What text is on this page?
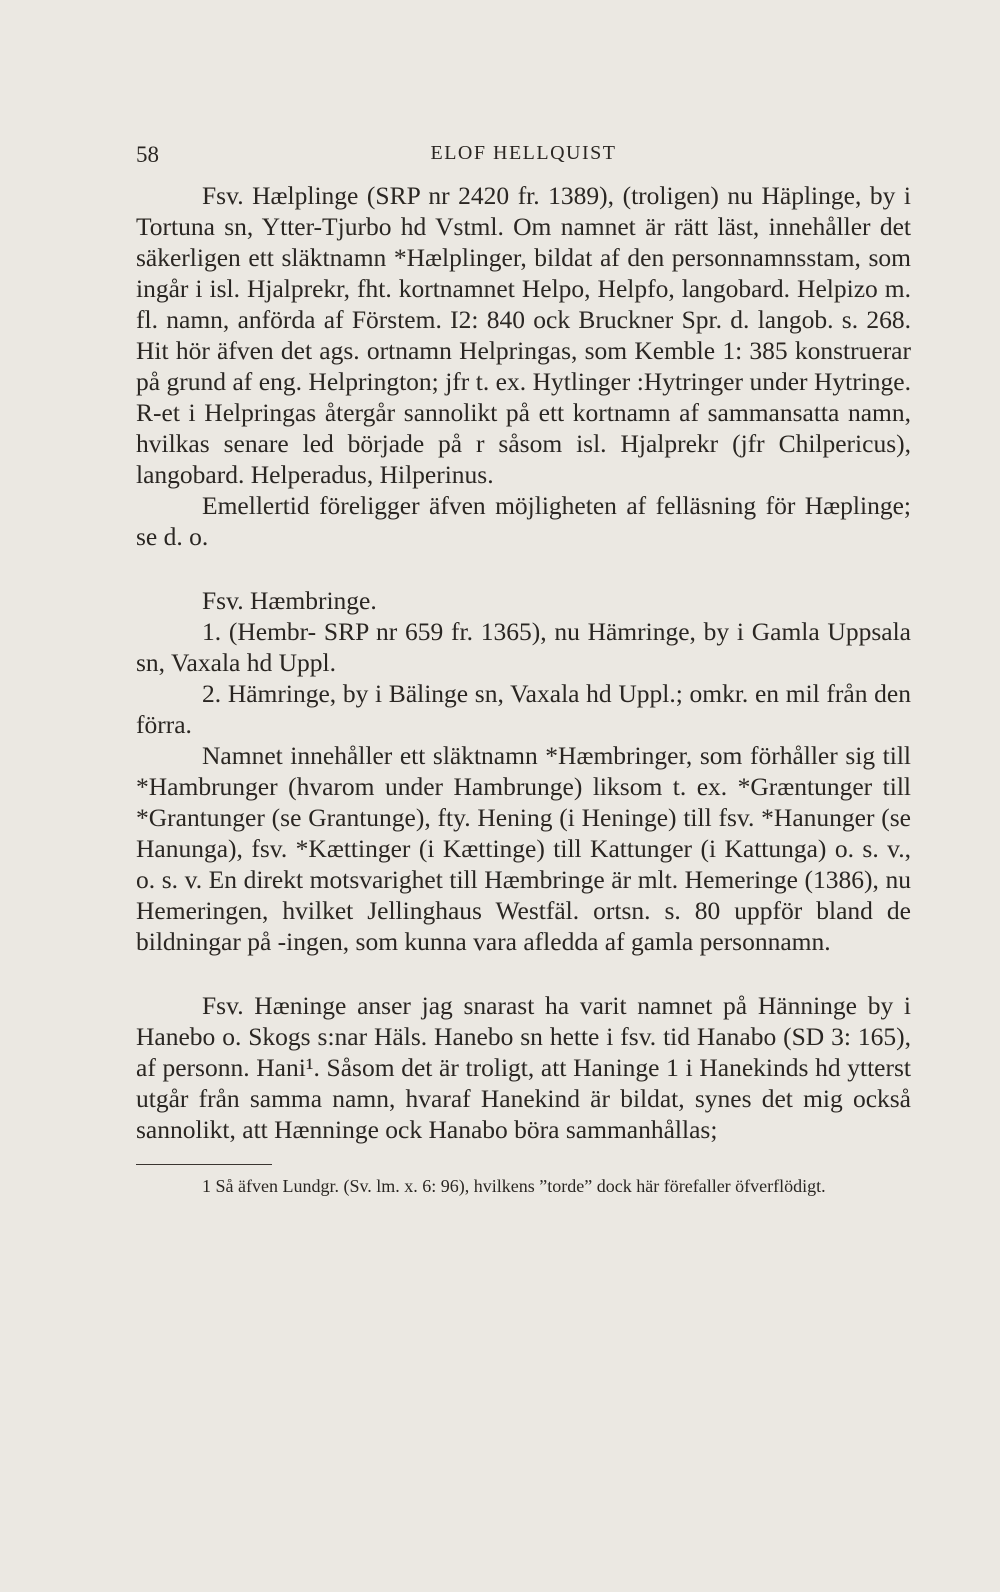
58	ELOF HELLQUIST

Fsv. Hælplinge (SRP nr 2420 fr. 1389), (troligen) nu Häplinge, by i Tortuna sn, Ytter-Tjurbo hd Vstml. Om namnet är rätt läst, innehåller det säkerligen ett släktnamn *Hælplinger, bildat af den personnamnsstam, som ingår i isl. Hjalprekr, fht. kortnamnet Helpo, Helpfo, langobard. Helpizo m. fl. namn, anförda af Förstem. I2: 840 ock Bruckner Spr. d. langob. s. 268. Hit hör äfven det ags. ortnamn Helpringas, som Kemble 1: 385 konstruerar på grund af eng. Helprington; jfr t. ex. Hytlinger :Hytringer under Hytringe. R-et i Helpringas återgår sannolikt på ett kortnamn af sammansatta namn, hvilkas senare led började på r såsom isl. Hjalprekr (jfr Chilpericus), langobard. Helperadus, Hilperinus.

Emellertid föreligger äfven möjligheten af felläsning för Hæplinge; se d. o.

Fsv. Hæmbringe.

1. (Hembr- SRP nr 659 fr. 1365), nu Hämringe, by i Gamla Uppsala sn, Vaxala hd Uppl.

2. Hämringe, by i Bälinge sn, Vaxala hd Uppl.; omkr. en mil från den förra.

Namnet innehåller ett släktnamn *Hæmbringer, som förhåller sig till *Hambrunger (hvarom under Hambrunge) liksom t. ex. *Græntunger till *Grantunger (se Grantunge), fty. Hening (i Heninge) till fsv. *Hanunger (se Hanunga), fsv. *Kættinger (i Kættinge) till Kattunger (i Kattunga) o. s. v., o. s. v. En direkt motsvarighet till Hæmbringe är mlt. Hemeringe (1386), nu Hemeringen, hvilket Jellinghaus Westfäl. ortsn. s. 80 uppför bland de bildningar på -ingen, som kunna vara afledda af gamla personnamn.

Fsv. Hæninge anser jag snarast ha varit namnet på Hänninge by i Hanebo o. Skogs s:nar Häls. Hanebo sn hette i fsv. tid Hanabo (SD 3: 165), af personn. Hani¹. Såsom det är troligt, att Haninge 1 i Hanekinds hd ytterst utgår från samma namn, hvaraf Hanekind är bildat, synes det mig också sannolikt, att Hænninge ock Hanabo böra sammanhållas;

1 Så äfven Lundgr. (Sv. lm. x. 6: 96), hvilkens ”torde” dock här förefaller öfverflödigt.
